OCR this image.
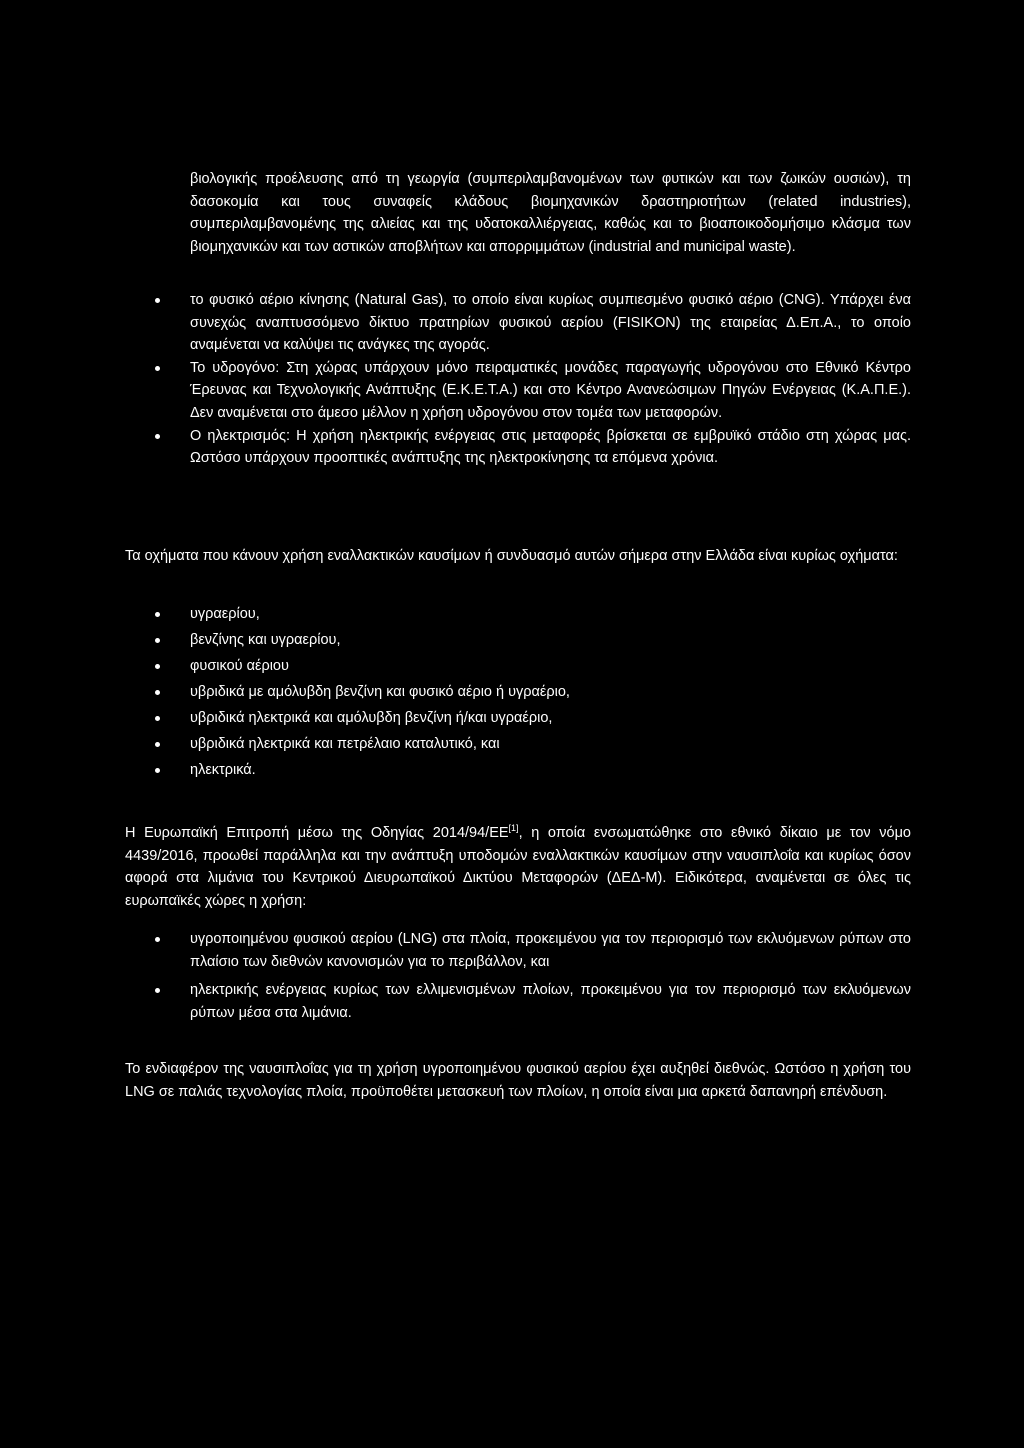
βιολογικής προέλευσης από τη γεωργία (συμπεριλαμβανομένων των φυτικών και των ζωικών ουσιών), τη δασοκομία και τους συναφείς κλάδους βιομηχανικών δραστηριοτήτων (related industries), συμπεριλαμβανομένης της αλιείας και της υδατοκαλλιέργειας, καθώς και το βιοαποικοδομήσιμο κλάσμα των βιομηχανικών και των αστικών αποβλήτων και απορριμμάτων (industrial and municipal waste).
το φυσικό αέριο κίνησης (Natural Gas), το οποίο είναι κυρίως συμπιεσμένο φυσικό αέριο (CNG). Υπάρχει ένα συνεχώς αναπτυσσόμενο δίκτυο πρατηρίων φυσικού αερίου (FISIKON) της εταιρείας Δ.Επ.Α., το οποίο αναμένεται να καλύψει τις ανάγκες της αγοράς.
Το υδρογόνο: Στη χώρας υπάρχουν μόνο πειραματικές μονάδες παραγωγής υδρογόνου στο Εθνικό Κέντρο Έρευνας και Τεχνολογικής Ανάπτυξης (Ε.Κ.Ε.Τ.Α.) και στο Κέντρο Ανανεώσιμων Πηγών Ενέργειας (Κ.Α.Π.Ε.). Δεν αναμένεται στο άμεσο μέλλον η χρήση υδρογόνου στον τομέα των μεταφορών.
Ο ηλεκτρισμός: Η χρήση ηλεκτρικής ενέργειας στις μεταφορές βρίσκεται σε εμβρυϊκό στάδιο στη χώρας μας. Ωστόσο υπάρχουν προοπτικές ανάπτυξης της ηλεκτροκίνησης τα επόμενα χρόνια.
Τα οχήματα που κάνουν χρήση εναλλακτικών καυσίμων ή συνδυασμό αυτών σήμερα στην Ελλάδα είναι κυρίως οχήματα:
υγραερίου,
βενζίνης και υγραερίου,
φυσικού αέριου
υβριδικά με αμόλυβδη βενζίνη και φυσικό αέριο ή υγραέριο,
υβριδικά ηλεκτρικά και αμόλυβδη βενζίνη ή/και υγραέριο,
υβριδικά ηλεκτρικά και πετρέλαιο καταλυτικό, και
ηλεκτρικά.
Η Ευρωπαϊκή Επιτροπή μέσω της Οδηγίας 2014/94/ΕΕ[1], η οποία ενσωματώθηκε στο εθνικό δίκαιο με τον νόμο 4439/2016, προωθεί παράλληλα και την ανάπτυξη υποδομών εναλλακτικών καυσίμων στην ναυσιπλοΐα και κυρίως όσον αφορά στα λιμάνια του Κεντρικού Διευρωπαϊκού Δικτύου Μεταφορών (ΔΕΔ-Μ). Ειδικότερα, αναμένεται σε όλες τις ευρωπαϊκές χώρες η χρήση:
υγροποιημένου φυσικού αερίου (LNG) στα πλοία, προκειμένου για τον περιορισμό των εκλυόμενων ρύπων στο πλαίσιο των διεθνών κανονισμών για το περιβάλλον, και
ηλεκτρικής ενέργειας κυρίως των ελλιμενισμένων πλοίων, προκειμένου για τον περιορισμό των εκλυόμενων ρύπων μέσα στα λιμάνια.
Το ενδιαφέρον της ναυσιπλοΐας για τη χρήση υγροποιημένου φυσικού αερίου έχει αυξηθεί διεθνώς. Ωστόσο η χρήση του LNG σε παλιάς τεχνολογίας πλοία, προϋποθέτει μετασκευή των πλοίων, η οποία είναι μια αρκετά δαπανηρή επένδυση.
